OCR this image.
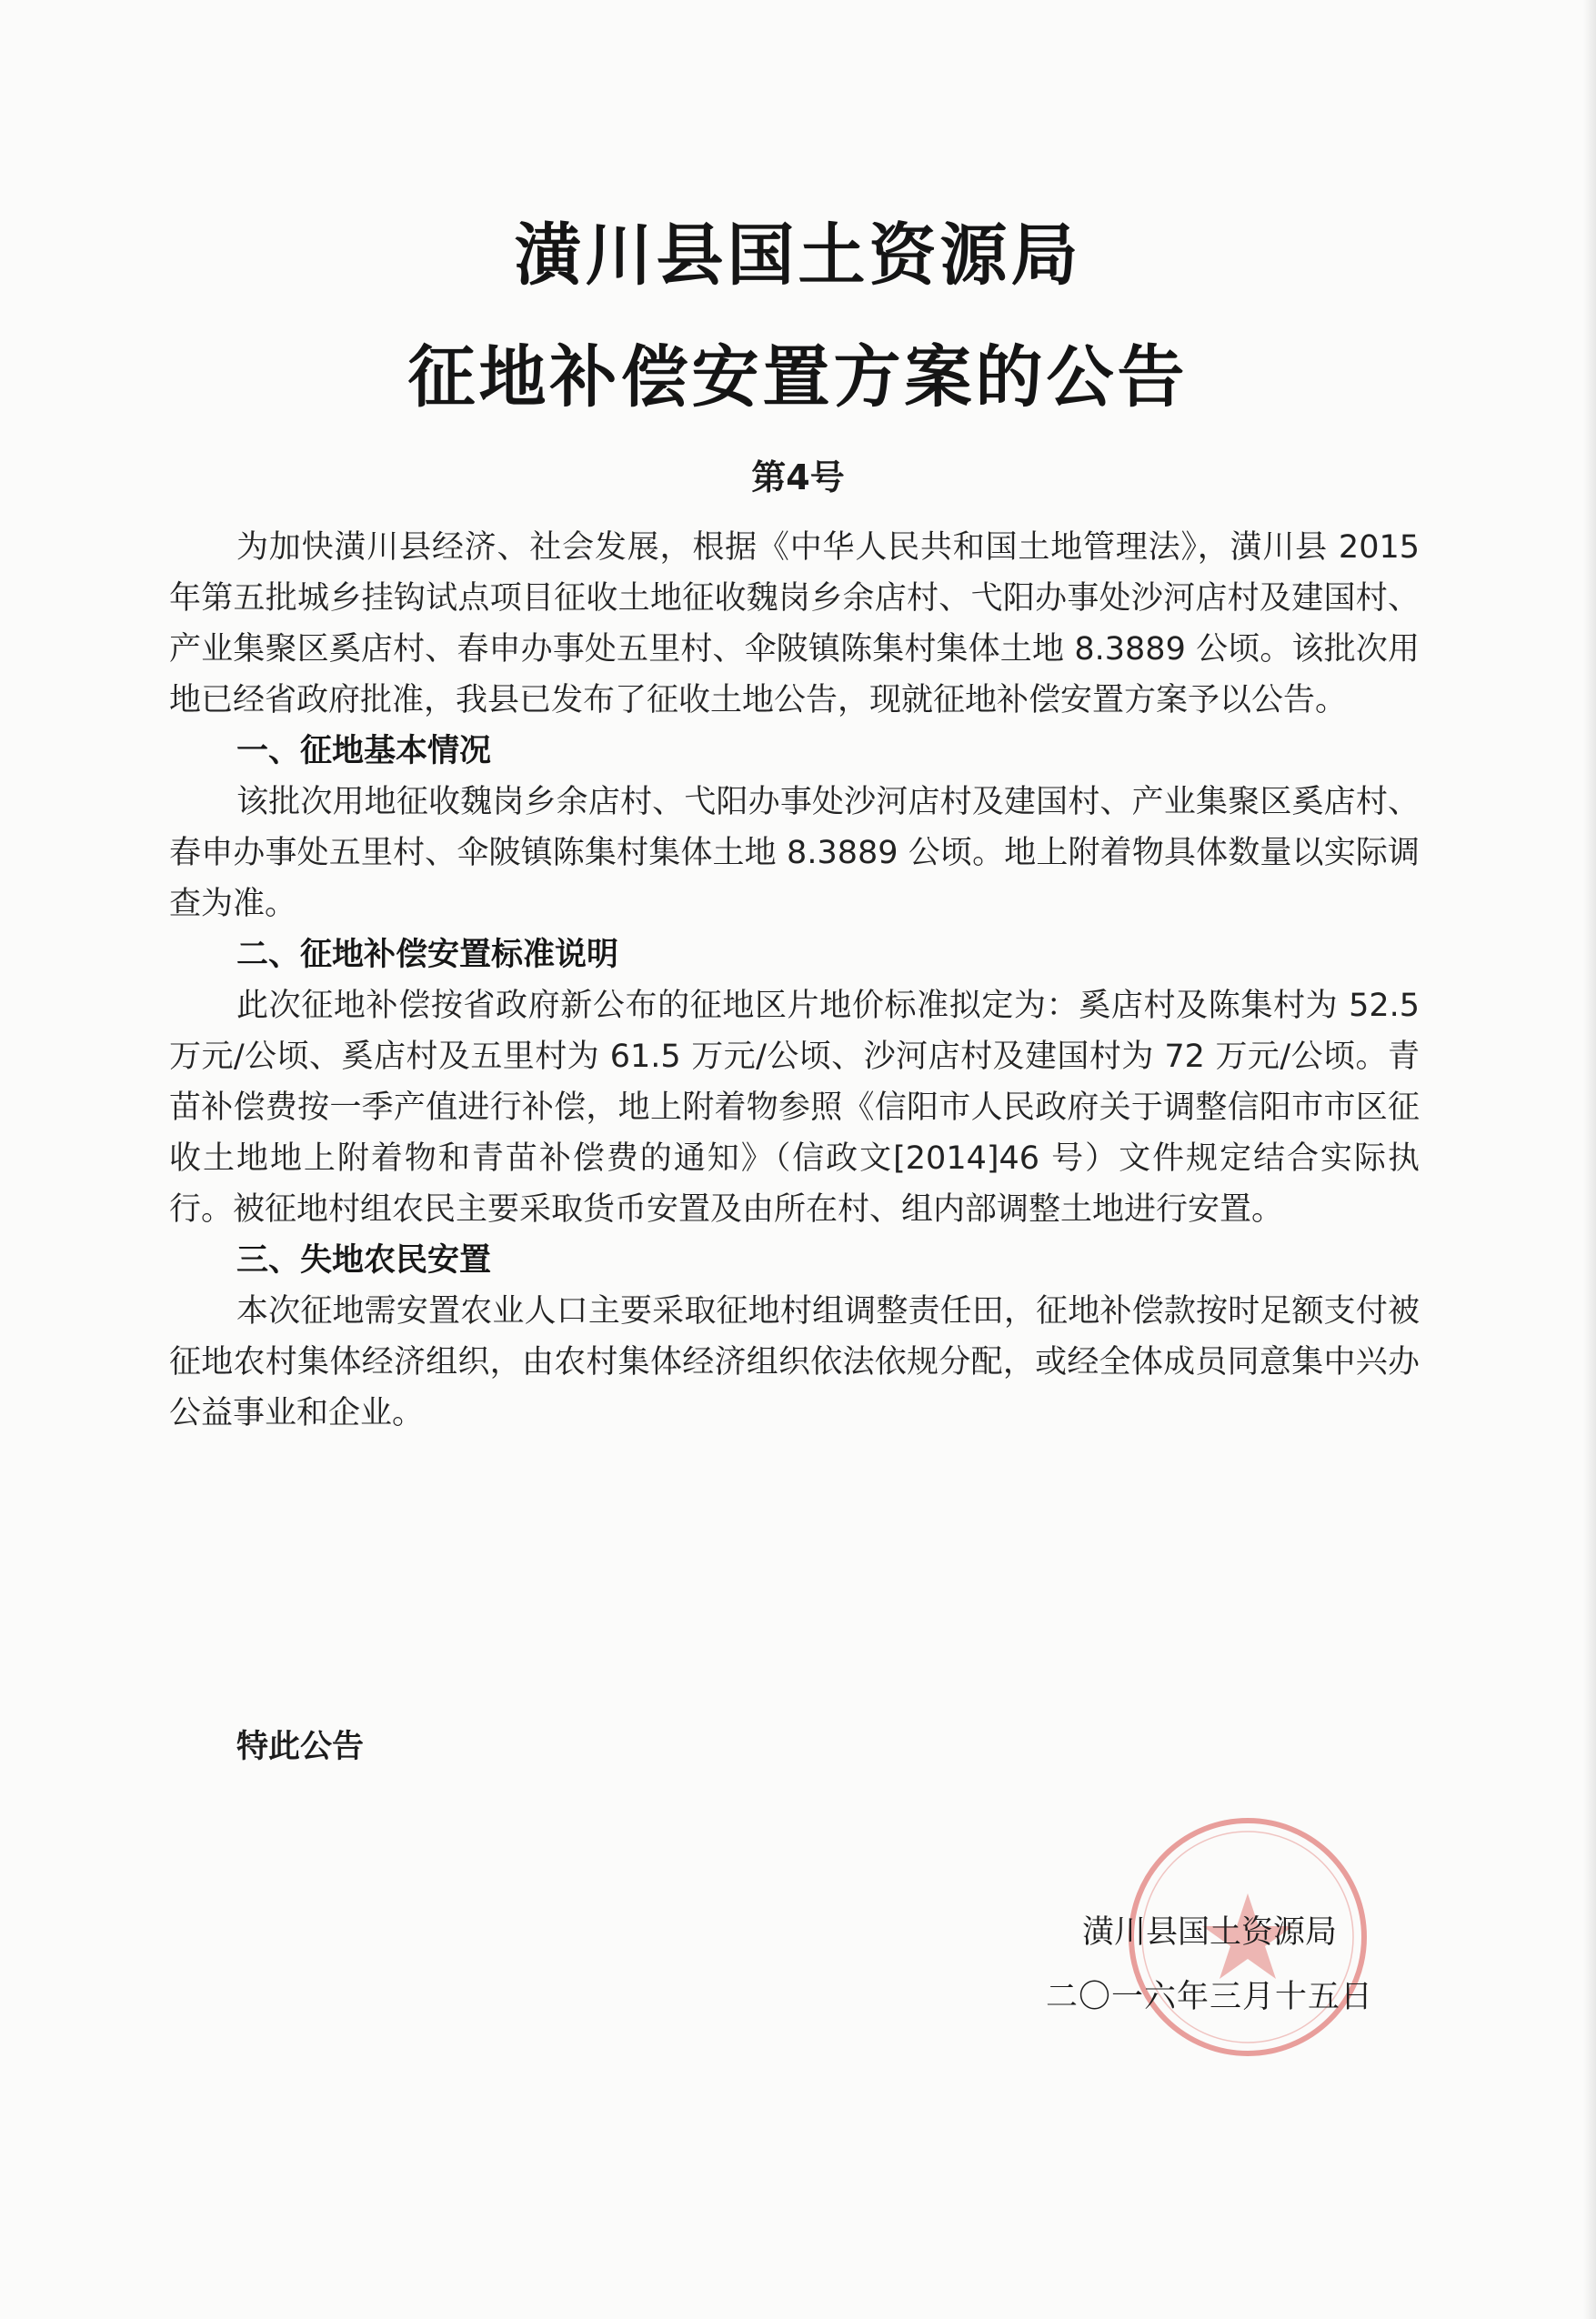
潢川县国土资源局
征地补偿安置方案的公告
第4号

为加快潢川县经济、社会发展，根据《中华人民共和国土地管理法》，潢川县 2015 年第五批城乡挂钩试点项目征收土地征收魏岗乡余店村、弋阳办事处沙河店村及建国村、产业集聚区奚店村、春申办事处五里村、伞陂镇陈集村集体土地 8.3889 公顷。该批次用地已经省政府批准，我县已发布了征收土地公告，现就征地补偿安置方案予以公告。

一、征地基本情况

该批次用地征收魏岗乡余店村、弋阳办事处沙河店村及建国村、产业集聚区奚店村、春申办事处五里村、伞陂镇陈集村集体土地 8.3889 公顷。地上附着物具体数量以实际调查为准。

二、征地补偿安置标准说明

此次征地补偿按省政府新公布的征地区片地价标准拟定为：奚店村及陈集村为 52.5 万元/公顷、奚店村及五里村为 61.5 万元/公顷、沙河店村及建国村为 72 万元/公顷。青苗补偿费按一季产值进行补偿，地上附着物参照《信阳市人民政府关于调整信阳市市区征收土地地上附着物和青苗补偿费的通知》（信政文[2014]46 号）文件规定结合实际执行。被征地村组农民主要采取货币安置及由所在村、组内部调整土地进行安置。

三、失地农民安置

本次征地需安置农业人口主要采取征地村组调整责任田，征地补偿款按时足额支付被征地农村集体经济组织，由农村集体经济组织依法依规分配，或经全体成员同意集中兴办公益事业和企业。

特此公告
潢川县国土资源局
二〇一六年三月十五日
